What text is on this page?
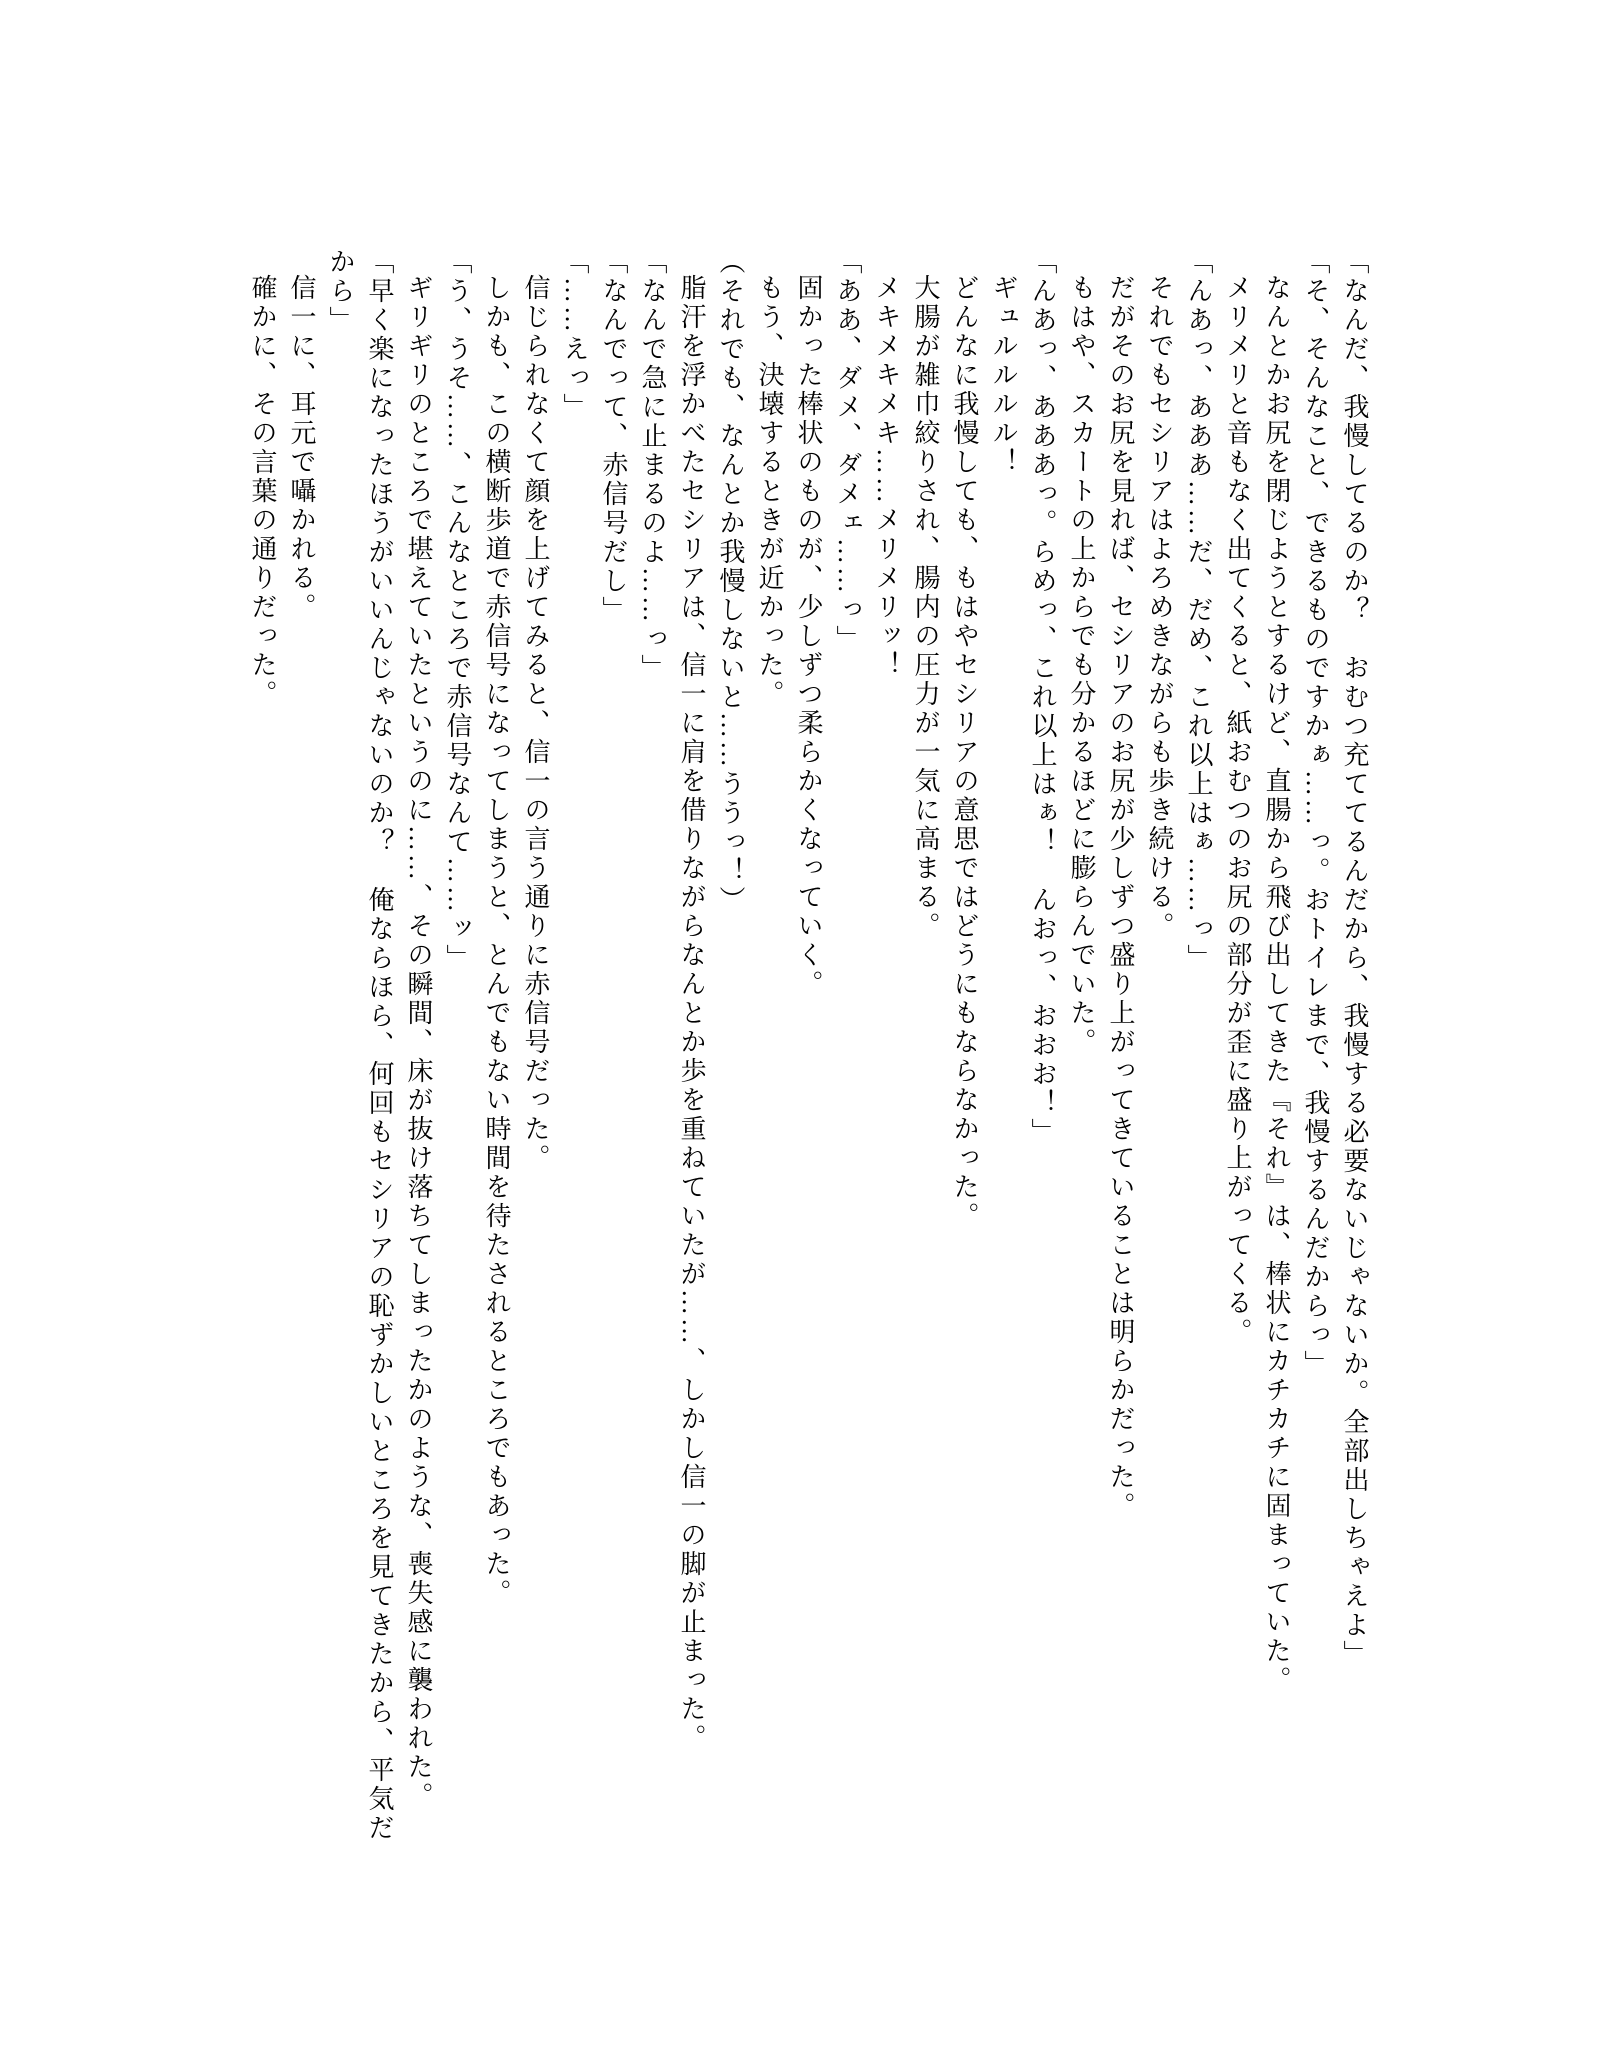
「なんだ、我慢してるのか？　おむつ充ててるんだから、我慢する必要ないじゃないか。全部出しちゃえよ」

「そ、そんなこと、できるものですかぁ……っ。おトイレまで、我慢するんだからっ」

なんとかお尻を閉じようとするけど、直腸から飛び出してきた『それ』は、棒状にカチカチに固まっていた。

メリメリと音もなく出てくると、紙おむつのお尻の部分が歪に盛り上がってくる。

「んあっ、あああ……だ、だめ、これ以上はぁ……っ」

それでもセシリアはよろめきながらも歩き続ける。

だがそのお尻を見れば、セシリアのお尻が少しずつ盛り上がってきていることは明らかだった。

もはや、スカートの上からでも分かるほどに膨らんでいた。

「んあっ、あああっ。らめっ、これ以上はぁ！　んおっ、おおお！」

ギュルルルル！

どんなに我慢しても、もはやセシリアの意思ではどうにもならなかった。

大腸が雑巾絞りされ、腸内の圧力が一気に高まる。

メキメキメキ……メリメリッ！

「ああ、ダメ、ダメェ……っ」

固かった棒状のものが、少しずつ柔らかくなっていく。

もう、決壊するときが近かった。

（それでも、なんとか我慢しないと……ううっ！）

脂汗を浮かべたセシリアは、信一に肩を借りながらなんとか歩を重ねていたが……、しかし信一の脚が止まった。

「なんで急に止まるのよ……っ」

「なんでって、赤信号だし」

「……えっ」

信じられなくて顔を上げてみると、信一の言う通りに赤信号だった。

しかも、この横断歩道で赤信号になってしまうと、とんでもない時間を待たされるところでもあった。

「う、うそ……、こんなところで赤信号なんて……ッ」

ギリギリのところで堪えていたというのに……、その瞬間、床が抜け落ちてしまったかのような、喪失感に襲われた。

「早く楽になったほうがいいんじゃないのか？　俺ならほら、何回もセシリアの恥ずかしいところを見てきたから、平気だから」

信一に、耳元で囁かれる。

確かに、その言葉の通りだった。
